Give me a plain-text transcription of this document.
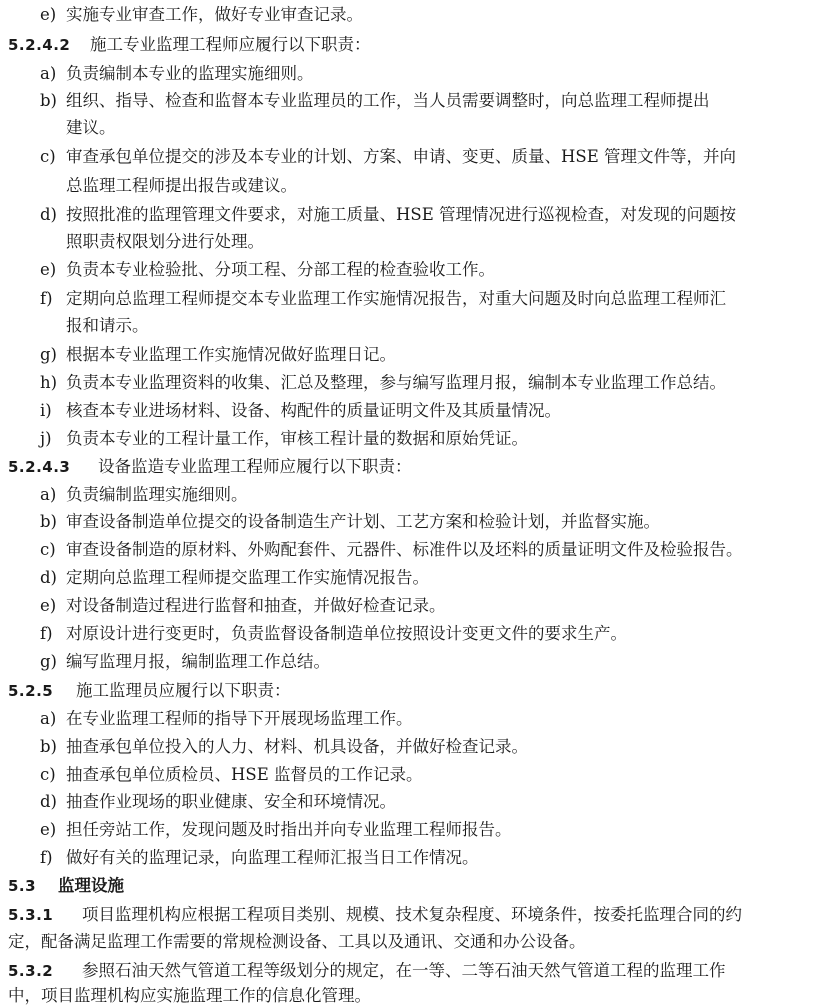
e) 实施专业审查工作，做好专业审查记录。
5.2.4.2 施工专业监理工程师应履行以下职责：
a) 负责编制本专业的监理实施细则。
b) 组织、指导、检查和监督本专业监理员的工作，当人员需要调整时，向总监理工程师提出
建议。
c) 审查承包单位提交的涉及本专业的计划、方案、申请、变更、质量、HSE 管理文件等，并向
总监理工程师提出报告或建议。
d) 按照批准的监理管理文件要求，对施工质量、HSE 管理情况进行巡视检查，对发现的问题按
照职责权限划分进行处理。
e) 负责本专业检验批、分项工程、分部工程的检查验收工作。
f) 定期向总监理工程师提交本专业监理工作实施情况报告，对重大问题及时向总监理工程师汇
报和请示。
g) 根据本专业监理工作实施情况做好监理日记。
h) 负责本专业监理资料的收集、汇总及整理，参与编写监理月报，编制本专业监理工作总结。
i) 核查本专业进场材料、设备、构配件的质量证明文件及其质量情况。
j) 负责本专业的工程计量工作，审核工程计量的数据和原始凭证。
5.2.4.3 设备监造专业监理工程师应履行以下职责：
a) 负责编制监理实施细则。
b) 审查设备制造单位提交的设备制造生产计划、工艺方案和检验计划，并监督实施。
c) 审查设备制造的原材料、外购配套件、元器件、标准件以及坯料的质量证明文件及检验报告。
d) 定期向总监理工程师提交监理工作实施情况报告。
e) 对设备制造过程进行监督和抽查，并做好检查记录。
f) 对原设计进行变更时，负责监督设备制造单位按照设计变更文件的要求生产。
g) 编写监理月报，编制监理工作总结。
5.2.5 施工监理员应履行以下职责：
a) 在专业监理工程师的指导下开展现场监理工作。
b) 抽查承包单位投入的人力、材料、机具设备，并做好检查记录。
c) 抽查承包单位质检员、HSE 监督员的工作记录。
d) 抽查作业现场的职业健康、安全和环境情况。
e) 担任旁站工作，发现问题及时指出并向专业监理工程师报告。
f) 做好有关的监理记录，向监理工程师汇报当日工作情况。
5.3 监理设施
5.3.1 项目监理机构应根据工程项目类别、规模、技术复杂程度、环境条件，按委托监理合同的约
定，配备满足监理工作需要的常规检测设备、工具以及通讯、交通和办公设备。
5.3.2 参照石油天然气管道工程等级划分的规定，在一等、二等石油天然气管道工程的监理工作
中，项目监理机构应实施监理工作的信息化管理。
